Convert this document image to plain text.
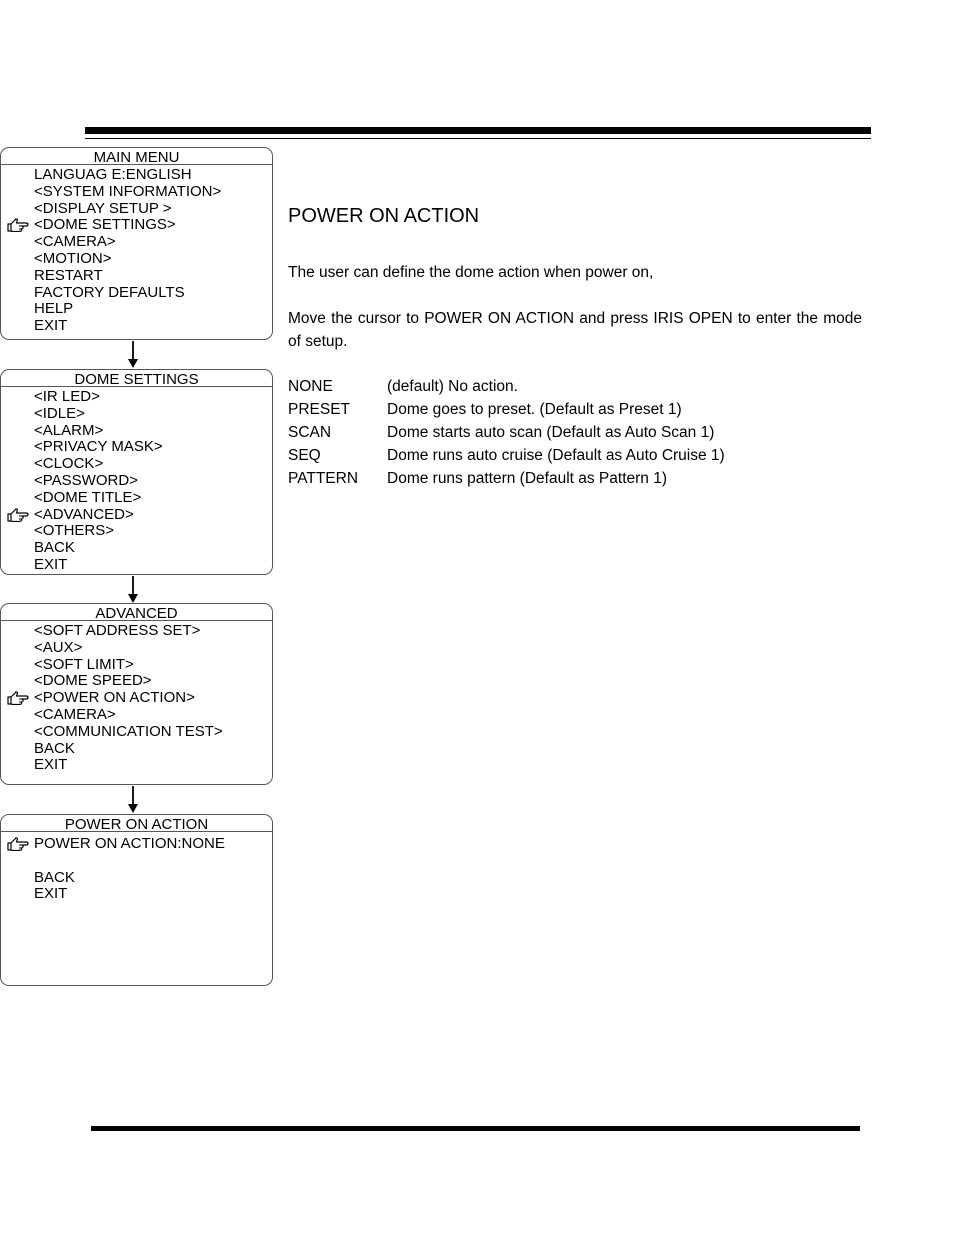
MAIN MENU
LANGUAG E:ENGLISH
<SYSTEM INFORMATION>
<DISPLAY SETUP >
<DOME SETTINGS>
<CAMERA>
<MOTION>
RESTART
FACTORY DEFAULTS
HELP
EXIT
DOME SETTINGS
<IR LED>
<IDLE>
<ALARM>
<PRIVACY MASK>
<CLOCK>
<PASSWORD>
<DOME TITLE>
<ADVANCED>
<OTHERS>
BACK
EXIT
ADVANCED
<SOFT ADDRESS SET>
<AUX>
<SOFT LIMIT>
<DOME SPEED>
<POWER ON ACTION>
<CAMERA>
<COMMUNICATION TEST>
BACK
EXIT
POWER ON ACTION
POWER ON ACTION:NONE
BACK
EXIT
POWER ON ACTION
The user can define the dome action when power on,
Move the cursor to POWER ON ACTION and press IRIS OPEN to enter the mode of setup.
NONE	(default) No action.
PRESET Dome goes to preset. (Default as Preset 1)
SCAN	Dome starts auto scan (Default as Auto Scan 1)
SEQ	Dome runs auto cruise (Default as Auto Cruise 1)
PATTERN Dome runs pattern (Default as Pattern 1)
